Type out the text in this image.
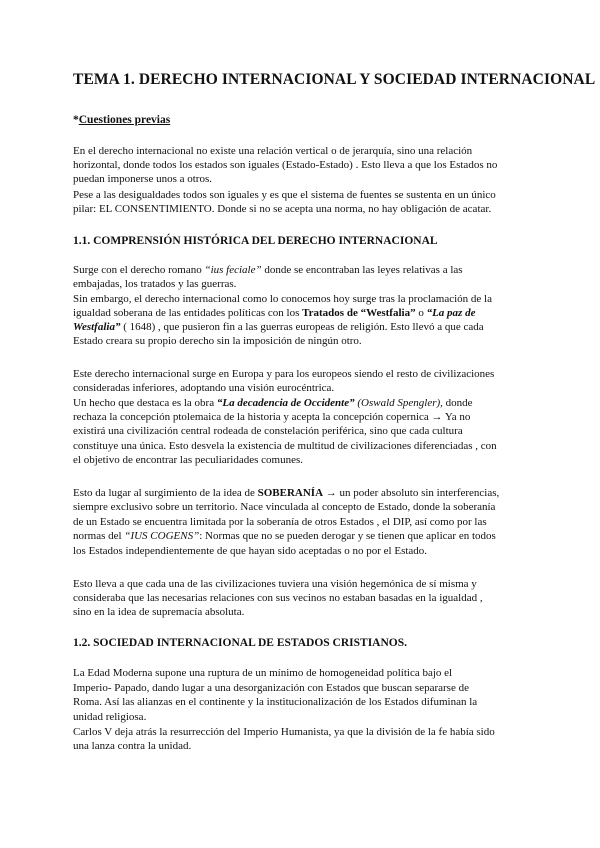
TEMA 1. DERECHO INTERNACIONAL Y SOCIEDAD INTERNACIONAL
*Cuestiones previas
En el derecho internacional no existe una relación vertical o de jerarquía, sino una relación
horizontal, donde todos los estados son iguales (Estado-Estado) . Esto lleva a que los Estados no
puedan imponerse unos a otros.
Pese a las desigualdades todos son iguales y es que el sistema de fuentes se sustenta en un único
pilar: EL CONSENTIMIENTO. Donde si no se acepta una norma, no hay obligación de acatar.
1.1. COMPRENSIÓN HISTÓRICA DEL DERECHO INTERNACIONAL
Surge con el derecho romano “ius feciale” donde se encontraban las leyes relativas a las
embajadas, los tratados y las guerras.
Sin embargo, el derecho internacional como lo conocemos hoy surge tras la proclamación de la
igualdad soberana de las entidades políticas con los Tratados de “Westfalia” o “La paz de
Westfalia” ( 1648) , que pusieron fin a las guerras europeas de religión. Esto llevó a que cada
Estado creara su propio derecho sin la imposición de ningún otro.
Este derecho internacional surge en Europa y para los europeos siendo el resto de civilizaciones
consideradas inferiores, adoptando una visión eurocéntrica.
Un hecho que destaca es la obra “La decadencia de Occidente” (Oswald Spengler), donde
rechaza la concepción ptolemaica de la historia y acepta la concepción copernica → Ya no
existirá una civilización central rodeada de constelación periférica, sino que cada cultura
constituye una única. Esto desvela la existencia de multitud de civilizaciones diferenciadas , con
el objetivo de encontrar las peculiaridades comunes.
Esto da lugar al surgimiento de la idea de SOBERANÍA → un poder absoluto sin interferencias,
siempre exclusivo sobre un territorio. Nace vinculada al concepto de Estado, donde la soberanía
de un Estado se encuentra limitada por la soberanía de otros Estados , el DIP, así como por las
normas del “IUS COGENS”: Normas que no se pueden derogar y se tienen que aplicar en todos
los Estados independientemente de que hayan sido aceptadas o no por el Estado.
Esto lleva a que cada una de las civilizaciones tuviera una visión hegemónica de sí misma y
consideraba que las necesarias relaciones con sus vecinos no estaban basadas en la igualdad ,
sino en la idea de supremacía absoluta.
1.2. SOCIEDAD INTERNACIONAL DE ESTADOS CRISTIANOS.
La Edad Moderna supone una ruptura de un mínimo de homogeneidad política bajo el
Imperio- Papado, dando lugar a una desorganización con Estados que buscan separarse de
Roma. Así las alianzas en el continente y la institucionalización de los Estados difuminan la
unidad religiosa.
Carlos V deja atrás la resurrección del Imperio Humanista, ya que la división de la fe había sido
una lanza contra la unidad.
